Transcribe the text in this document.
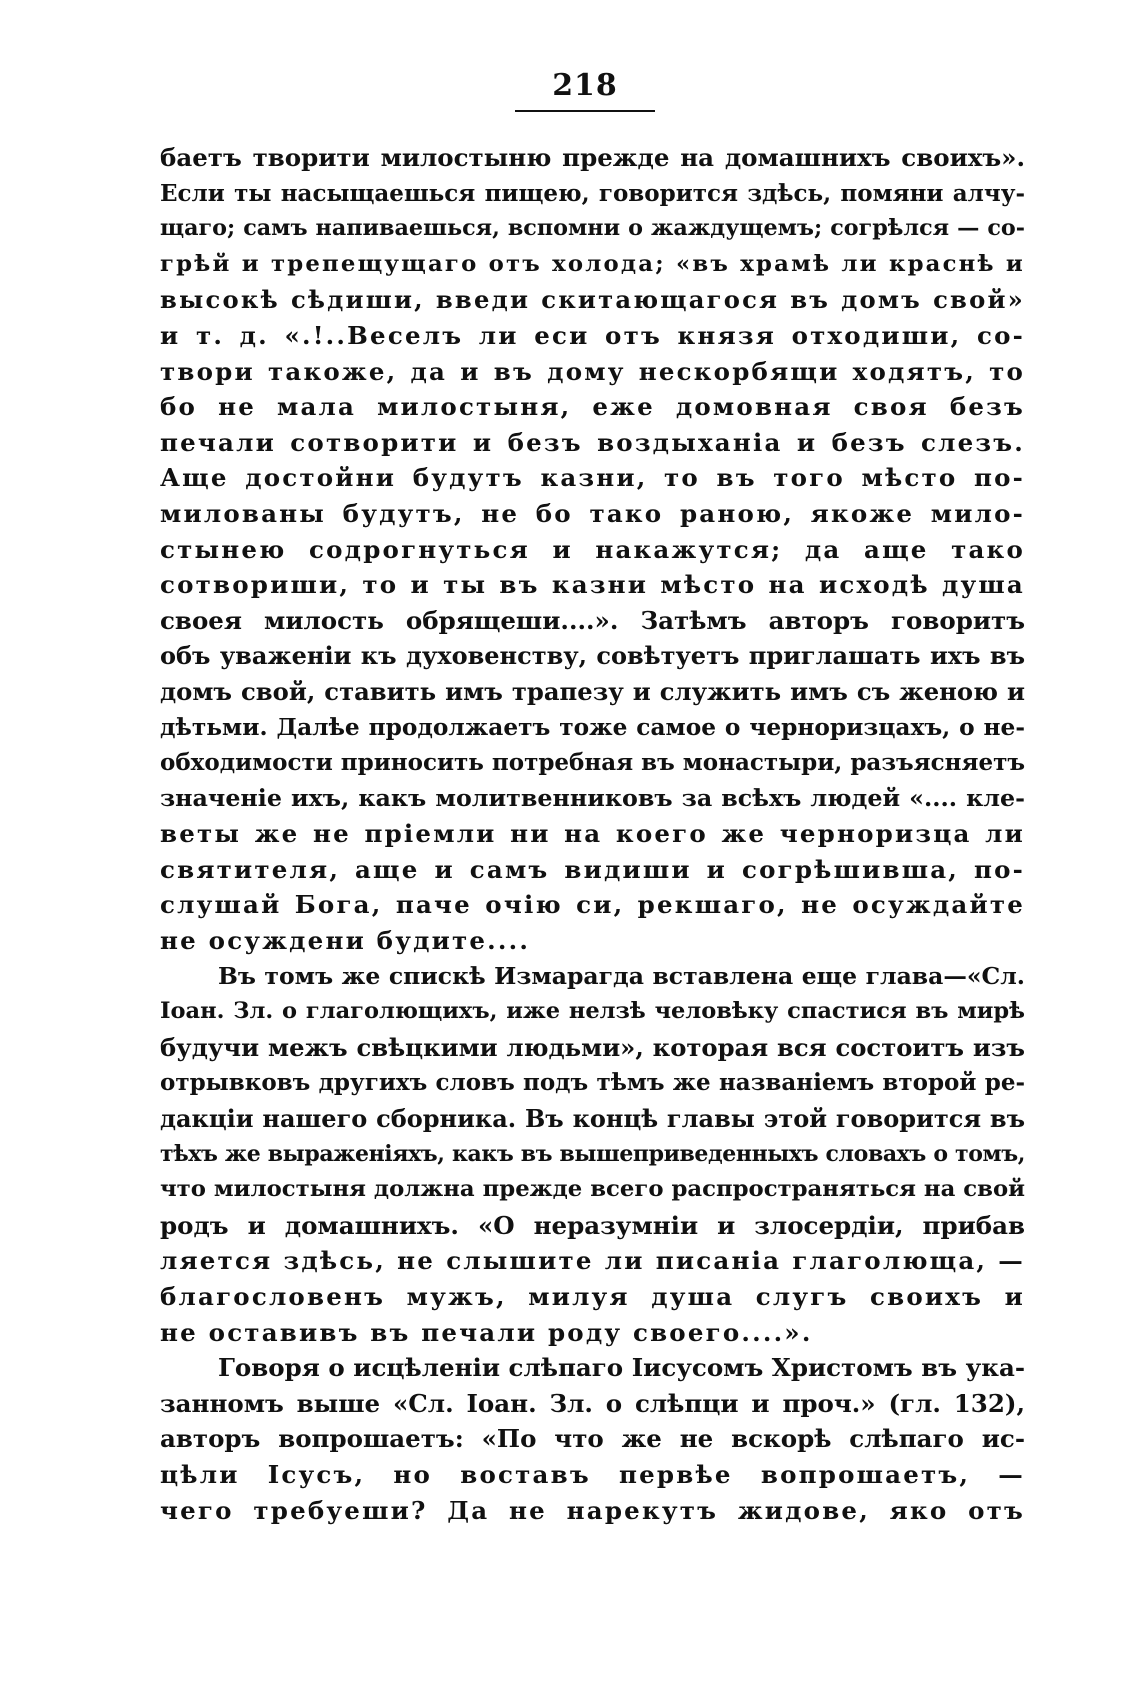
218
баетъ творити милостыню прежде на домашнихъ своихъ».
Если ты насыщаешься пищею, говорится здѣсь, помяни алчу-
щаго; самъ напиваешься, вспомни о жаждущемъ; согрѣлся — со-
грѣй и трепещущаго отъ холода; «въ храмѣ ли краснѣ и
высокѣ сѣдиши, введи скитающагося въ домъ свой»
и т. д. «.!..Веселъ ли еси отъ князя отходиши, со-
твори такоже, да и въ дому нескорбящи ходятъ, то
бо не мала милостыня, еже домовная своя безъ
печали сотворити и безъ воздыханіа и безъ слезъ.
Аще достойни будутъ казни, то въ того мѣсто по-
милованы будутъ, не бо тако раною, якоже мило-
стынею содрогнуться и накажутся; да аще тако
сотвориши, то и ты въ казни мѣсто на исходѣ душа
своея милость обрящеши....». Затѣмъ авторъ говоритъ
объ уваженіи къ духовенству, совѣтуетъ приглашать ихъ въ
домъ свой, ставить имъ трапезу и служить имъ съ женою и
дѣтьми. Далѣе продолжаетъ тоже самое о черноризцахъ, о не-
обходимости приносить потребная въ монастыри, разъясняетъ
значеніе ихъ, какъ молитвенниковъ за всѣхъ людей «.... кле-
веты же не пріемли ни на коего же черноризца ли
святителя, аще и самъ видиши и согрѣшивша, по-
слушай Бога, паче очію си, рекшаго, не осуждайте
не осуждени будите....
Въ томъ же спискѣ Измарагда вставлена еще глава—«Сл.
Іоан. Зл. о глаголющихъ, иже нелзѣ человѣку спастися въ мирѣ
будучи межъ свѣцкими людьми», которая вся состоитъ изъ
отрывковъ другихъ словъ подъ тѣмъ же названіемъ второй ре-
дакціи нашего сборника. Въ концѣ главы этой говорится въ
тѣхъ же выраженіяхъ, какъ въ вышеприведенныхъ словахъ о томъ,
что милостыня должна прежде всего распространяться на свой
родъ и домашнихъ. «О неразумніи и злосердіи, прибав
ляется здѣсь, не слышите ли писаніа глаголюща, —
благословенъ мужъ, милуя душа слугъ своихъ и
не оставивъ въ печали роду своего....».
Говоря о исцѣленіи слѣпаго Іисусомъ Христомъ въ ука-
занномъ выше «Сл. Іоан. Зл. о слѣпци и проч.» (гл. 132),
авторъ вопрошаетъ: «По что же не вскорѣ слѣпаго ис-
цѣли Ісусъ, но воставъ первѣе вопрошаетъ, —
чего требуеши? Да не нарекутъ жидове, яко отъ
